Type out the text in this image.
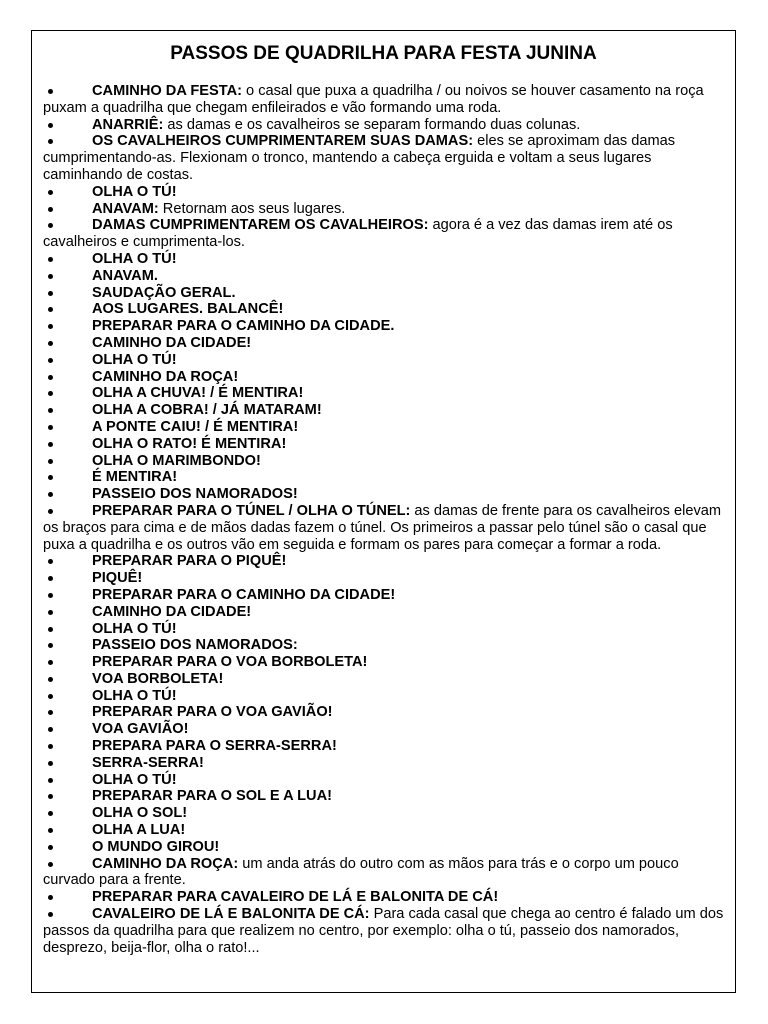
PASSOS DE QUADRILHA PARA FESTA JUNINA
CAMINHO DA FESTA: o casal que puxa a quadrilha / ou noivos se houver casamento na roça puxam a quadrilha que chegam enfileirados e vão formando uma roda.
ANARRIÊ: as damas e os cavalheiros se separam formando duas colunas.
OS CAVALHEIROS CUMPRIMENTAREM SUAS DAMAS: eles se aproximam das damas cumprimentando-as. Flexionam o tronco, mantendo a cabeça erguida e voltam a seus lugares caminhando de costas.
OLHA O TÚ!
ANAVAM: Retornam aos seus lugares.
DAMAS CUMPRIMENTAREM OS CAVALHEIROS: agora é a vez das damas irem até os cavalheiros e cumprimenta-los.
OLHA O TÚ!
ANAVAM.
SAUDAÇÃO GERAL.
AOS LUGARES. BALANCÊ!
PREPARAR PARA O CAMINHO DA CIDADE.
CAMINHO DA CIDADE!
OLHA O TÚ!
CAMINHO DA ROÇA!
OLHA A CHUVA! / É MENTIRA!
OLHA A COBRA! / JÁ MATARAM!
A PONTE CAIU! / É MENTIRA!
OLHA O RATO! É MENTIRA!
OLHA O MARIMBONDO!
É MENTIRA!
PASSEIO DOS NAMORADOS!
PREPARAR PARA O TÚNEL / OLHA O TÚNEL: as damas de frente para os cavalheiros elevam os braços para cima e de mãos dadas fazem o túnel. Os primeiros a passar pelo túnel são o casal que puxa a quadrilha e os outros vão em seguida e formam os pares para começar a formar a roda.
PREPARAR PARA O PIQUÊ!
PIQUÊ!
PREPARAR PARA O CAMINHO DA CIDADE!
CAMINHO DA CIDADE!
OLHA O TÚ!
PASSEIO DOS NAMORADOS:
PREPARAR PARA O VOA BORBOLETA!
VOA BORBOLETA!
OLHA O TÚ!
PREPARAR PARA O VOA GAVIÃO!
VOA GAVIÃO!
PREPARA PARA O SERRA-SERRA!
SERRA-SERRA!
OLHA O TÚ!
PREPARAR PARA O SOL E A LUA!
OLHA O SOL!
OLHA A LUA!
O MUNDO GIROU!
CAMINHO DA ROÇA: um anda atrás do outro com as mãos para trás e o corpo um pouco curvado para a frente.
PREPARAR PARA CAVALEIRO DE LÁ E BALONITA DE CÁ!
CAVALEIRO DE LÁ E BALONITA DE CÁ: Para cada casal que chega ao centro é falado um dos passos da quadrilha para que realizem no centro, por exemplo: olha o tú, passeio dos namorados, desprezo, beija-flor, olha o rato!...
